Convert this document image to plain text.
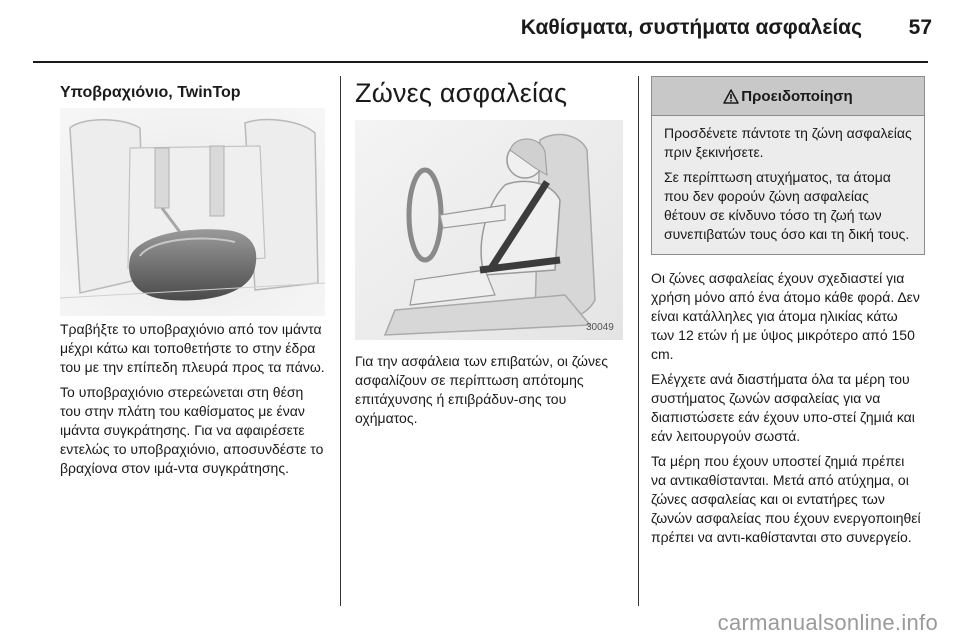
Καθίσματα, συστήματα ασφαλείας 57
Υποβραχιόνιο, TwinTop

Τραβήξτε το υποβραχιόνιο από τον ιμάντα μέχρι κάτω και τοποθετήστε το στην έδρα του με την επίπεδη πλευρά προς τα πάνω.

Το υποβραχιόνιο στερεώνεται στη θέση του στην πλάτη του καθίσματος με έναν ιμάντα συγκράτησης. Για να αφαιρέσετε εντελώς το υποβραχιόνιο, αποσυνδέστε το βραχίονα στον ιμά-ντα συγκράτησης.

Ζώνες ασφαλείας
30049

Για την ασφάλεια των επιβατών, οι ζώνες ασφαλίζουν σε περίπτωση απότομης επιτάχυνσης ή επιβράδυν-σης του οχήματος.

Προειδοποίηση

Προσδένετε πάντοτε τη ζώνη ασφαλείας πριν ξεκινήσετε.

Σε περίπτωση ατυχήματος, τα άτομα που δεν φορούν ζώνη ασφαλείας θέτουν σε κίνδυνο τόσο τη ζωή των συνεπιβατών τους όσο και τη δική τους.

Οι ζώνες ασφαλείας έχουν σχεδιαστεί για χρήση μόνο από ένα άτομο κάθε φορά. Δεν είναι κατάλληλες για άτομα ηλικίας κάτω των 12 ετών ή με ύψος μικρότερο από 150 cm.

Ελέγχετε ανά διαστήματα όλα τα μέρη του συστήματος ζωνών ασφαλείας για να διαπιστώσετε εάν έχουν υπο-στεί ζημιά και εάν λειτουργούν σωστά.

Τα μέρη που έχουν υποστεί ζημιά πρέπει να αντικαθίστανται. Μετά από ατύχημα, οι ζώνες ασφαλείας και οι εντατήρες των ζωνών ασφαλείας που έχουν ενεργοποιηθεί πρέπει να αντι-καθίστανται στο συνεργείο.

carmanualsonline.info
